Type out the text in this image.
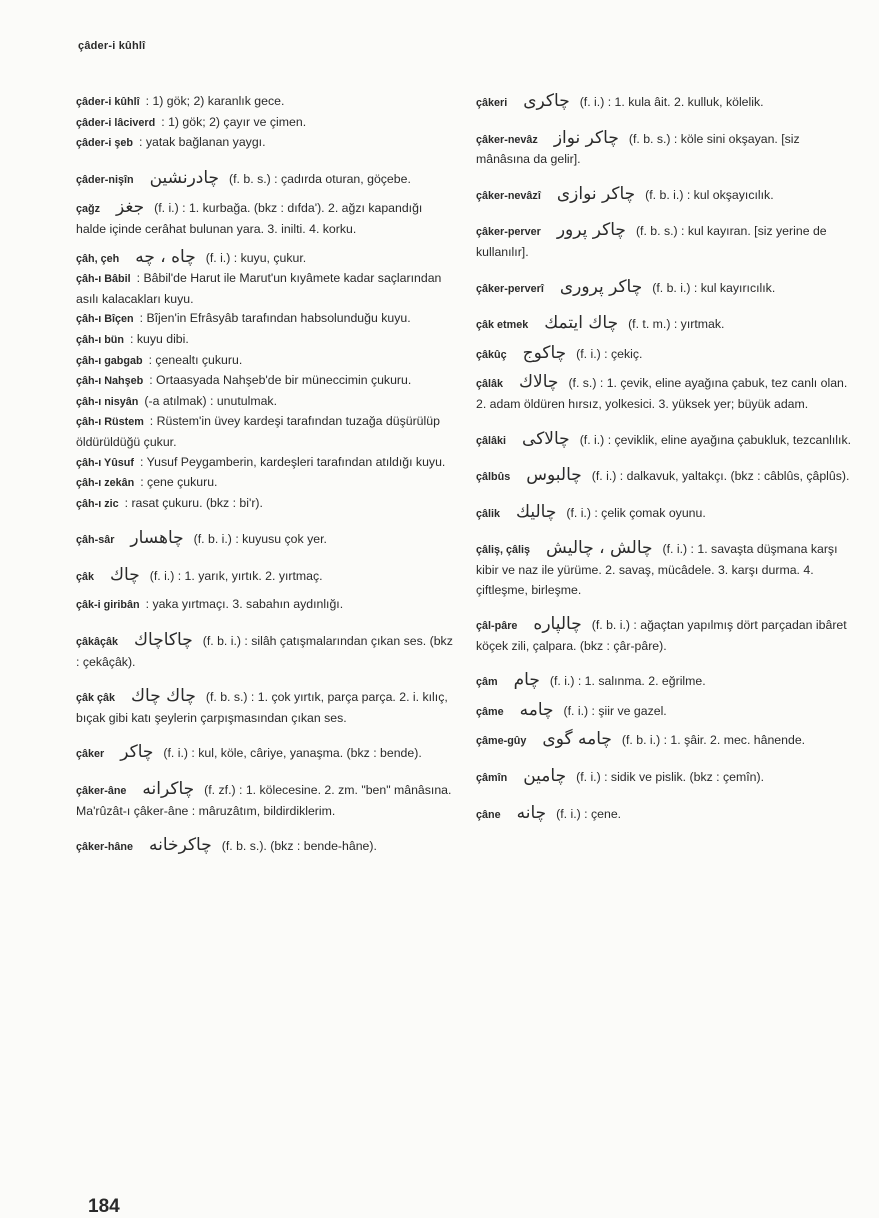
çâder-i kûhlî

çâder-i kûhlî : 1) gök; 2) karanlık gece.

çâder-i lâciverd : 1) gök; 2) çayır ve çimen.

çâder-i şeb : yatak bağlanan yaygı.

çâder-nişîn چادرنشین (f. b. s.) : çadırda oturan, göçebe.

çağz جغز (f. i.) : 1. kurbağa. (bkz : dıfda'). 2. ağzı kapandığı halde içinde cerâhat bulunan yara. 3. inilti. 4. korku.

çâh, çeh چاه ، چه (f. i.) : kuyu, çukur.

çâh-ı Bâbil : Bâbil'de Harut ile Marut'un kıyâmete kadar saçlarından asılı kalacakları kuyu.

çâh-ı Bîçen : Bîjen'in Efrâsyâb tarafından habsolunduğu kuyu.

çâh-ı bün : kuyu dibi.

çâh-ı gabgab : çenealtı çukuru.

çâh-ı Nahşeb : Ortaasyada Nahşeb'de bir müneccimin çukuru.

çâh-ı nisyân (-a atılmak) : unutulmak.

çâh-ı Rüstem : Rüstem'in üvey kardeşi tarafından tuzağa düşürülüp öldürüldüğü çukur.

çâh-ı Yûsuf : Yusuf Peygamberin, kardeşleri tarafından atıldığı kuyu.

çâh-ı zekân : çene çukuru.

çâh-ı zic : rasat çukuru. (bkz : bi'r).

çâh-sâr چاهسار (f. b. i.) : kuyusu çok yer.

çâk چاك (f. i.) : 1. yarık, yırtık. 2. yırtmaç.

çâk-i giribân : yaka yırtmaçı. 3. sabahın aydınlığı.

çâkâçâk چاكاچاك (f. b. i.) : silâh çatışmalarından çıkan ses. (bkz : çekâçâk).

çâk çâk چاك چاك (f. b. s.) : 1. çok yırtık, parça parça. 2. i. kılıç, bıçak gibi katı şeylerin çarpışmasından çıkan ses.

çâker چاكر (f. i.) : kul, köle, câriye, yanaşma. (bkz : bende).

çâker-âne چاكرانه (f. zf.) : 1. kölecesine. 2. zm. "ben" mânâsına. Ma'rûzât-ı çâker-âne : mâruzâtım, bildirdiklerim.

çâker-hâne چاكرخانه (f. b. s.). (bkz : bende-hâne).

çâkeri چاكرى (f. i.) : 1. kula âit. 2. kulluk, kölelik.

çâker-nevâz چاكر نواز (f. b. s.) : köle sini okşayan. [siz mânâsına da gelir].

çâker-nevâzî چاكر نوازى (f. b. i.) : kul okşayıcılık.

çâker-perver چاكر پرور (f. b. s.) : kul kayıran. [siz yerine de kullanılır].

çâker-perverî چاكر پرورى (f. b. i.) : kul kayırıcılık.

çâk etmek چاك ايتمك (f. t. m.) : yırtmak.

çâkûç چاكوج (f. i.) : çekiç.

çâlâk چالاك (f. s.) : 1. çevik, eline ayağına çabuk, tez canlı olan. 2. adam öldüren hırsız, yolkesici. 3. yüksek yer; büyük adam.

çâlâki چالاكى (f. i.) : çeviklik, eline ayağına çabukluk, tezcanlılık.

çâlbûs چالبوس (f. i.) : dalkavuk, yaltakçı. (bkz : câblûs, çâplûs).

çâlik چاليك (f. i.) : çelik çomak oyunu.

çâliş, çâliş چالش ، چاليش (f. i.) : 1. savaşta düşmana karşı kibir ve naz ile yürüme. 2. savaş, mücâdele. 3. karşı durma. 4. çiftleşme, birleşme.

çâl-pâre چالپاره (f. b. i.) : ağaçtan yapılmış dört parçadan ibâret köçek zili, çalpara. (bkz : çâr-pâre).

çâm چام (f. i.) : 1. salınma. 2. eğrilme.

çâme چامه (f. i.) : şiir ve gazel.

çâme-gûy چامه گوى (f. b. i.) : 1. şâir. 2. mec. hânende.

çâmîn چامين (f. i.) : sidik ve pislik. (bkz : çemîn).

çâne چانه (f. i.) : çene.

184
